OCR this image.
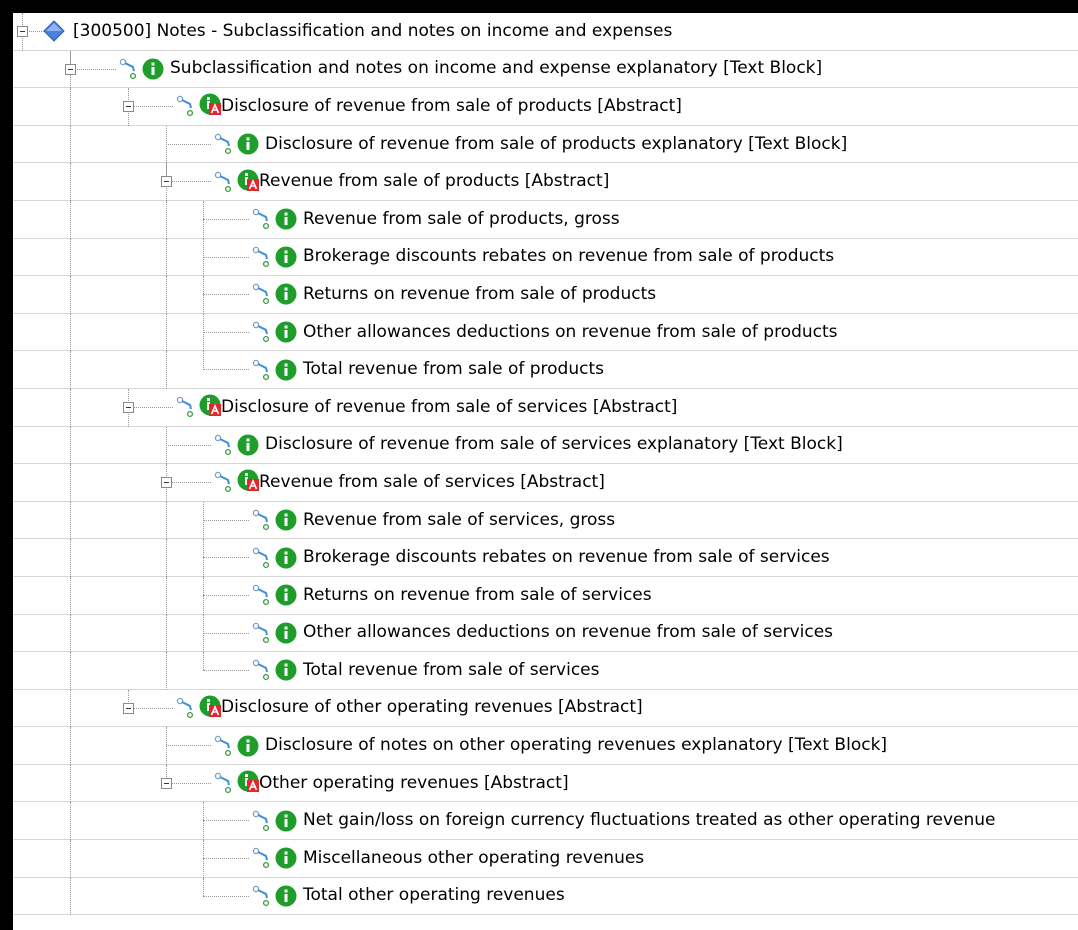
[300500] Notes - Subclassification and notes on income and expenses
Subclassification and notes on income and expense explanatory [Text Block]
Disclosure of revenue from sale of products [Abstract]
Disclosure of revenue from sale of products explanatory [Text Block]
Revenue from sale of products [Abstract]
Revenue from sale of products, gross
Brokerage discounts rebates on revenue from sale of products
Returns on revenue from sale of products
Other allowances deductions on revenue from sale of products
Total revenue from sale of products
Disclosure of revenue from sale of services [Abstract]
Disclosure of revenue from sale of services explanatory [Text Block]
Revenue from sale of services [Abstract]
Revenue from sale of services, gross
Brokerage discounts rebates on revenue from sale of services
Returns on revenue from sale of services
Other allowances deductions on revenue from sale of services
Total revenue from sale of services
Disclosure of other operating revenues [Abstract]
Disclosure of notes on other operating revenues explanatory [Text Block]
Other operating revenues [Abstract]
Net gain/loss on foreign currency fluctuations treated as other operating revenue
Miscellaneous other operating revenues
Total other operating revenues
